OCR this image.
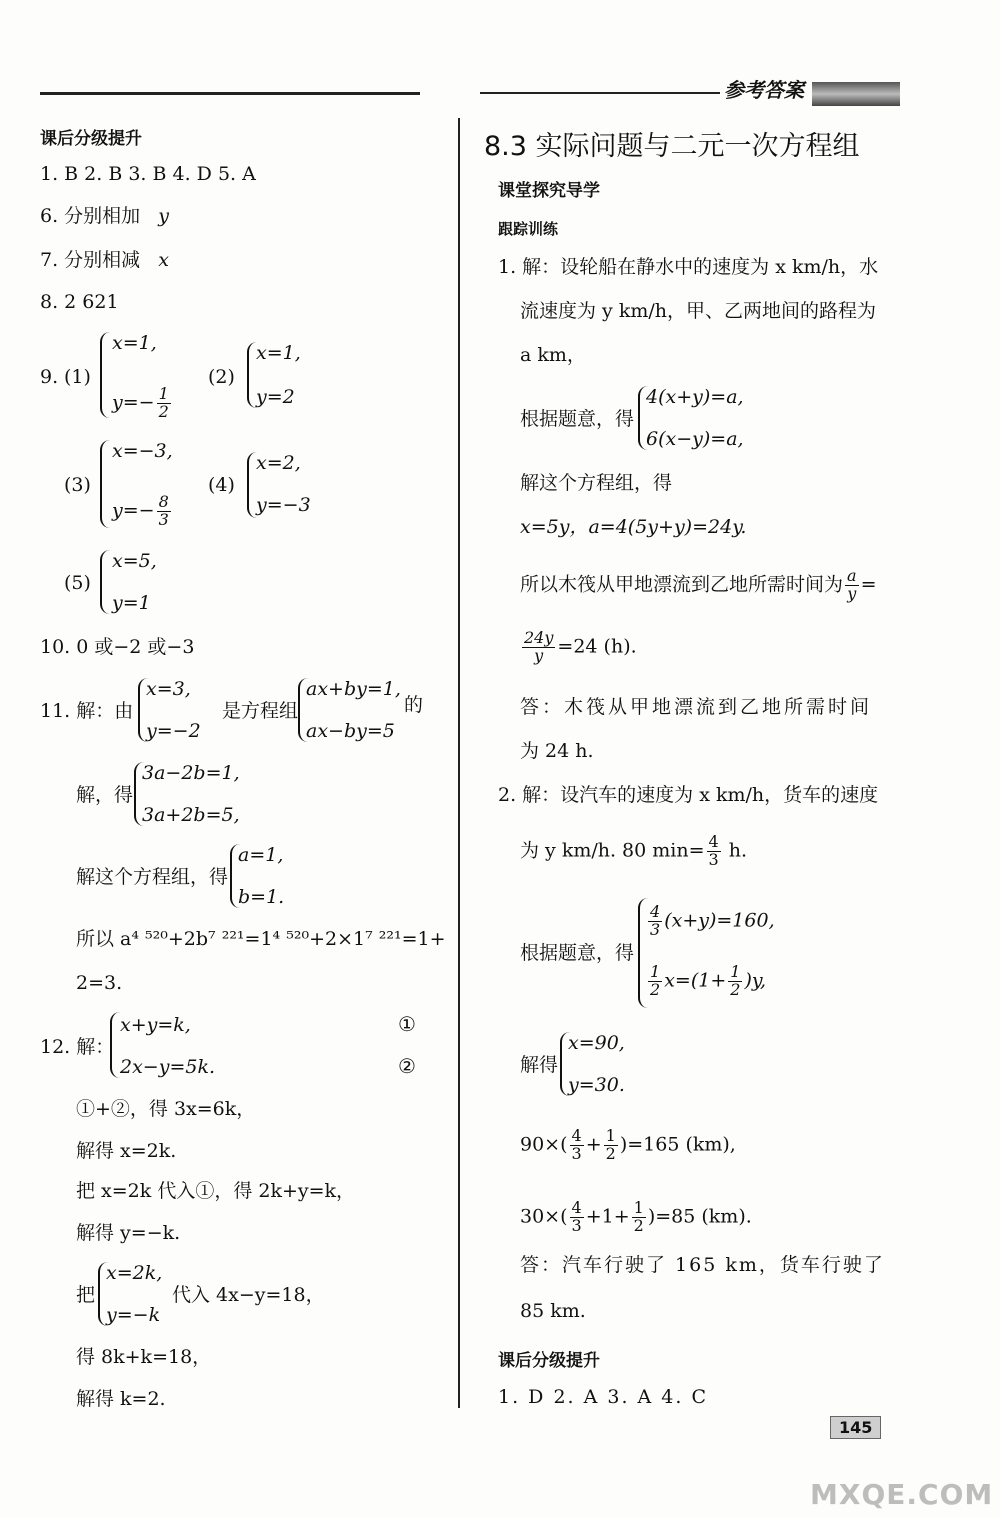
参考答案
课后分级提升
1. B 2. B 3. B 4. D 5. A
6. 分别相加 y
7. 分别相减 x
8. 2 621
9. (1)
x=1,
$y=- \frac{1}{2}$
(2)
x=1,
y=2
(3)
x=−3,
$y=- \frac{8}{3}$
(4)
x=2,
y=−3
(5)
x=5,
y=1
10. 0 或−2 或−3
11. 解：由
x=3,
y=−2
是方程组
ax+by=1,
ax−by=5
的
解，得
3a−2b=1,
3a+2b=5,
解这个方程组，得
a=1,
b=1.
所以 a⁴ ⁵²⁰+2b⁷ ²²¹=1⁴ ⁵²⁰+2×1⁷ ²²¹=1+
2=3.
12. 解：
x+y=k,
2x−y=5k.
①
②
①+②，得 3x=6k，
解得 x=2k.
把 x=2k 代入①，得 2k+y=k，
解得 y=−k.
把
x=2k,
y=−k
代入 4x−y=18，
得 8k+k=18，
解得 k=2.
8.3 实际问题与二元一次方程组
课堂探究导学
跟踪训练
1. 解：设轮船在静水中的速度为 x km/h，水
流速度为 y km/h，甲、乙两地间的路程为
a km，
根据题意，得
4(x+y)=a,
6(x−y)=a,
解这个方程组，得
x=5y，a=4(5y+y)=24y.
所以木筏从甲地漂流到乙地所需时间为 $\frac{a}{y}$ =
$\frac{24y}{y} =24$ (h).
答：木筏从甲地漂流到乙地所需时间
为 24 h.
2. 解：设汽车的速度为 x km/h，货车的速度
为 y km/h. 80 $\min= \frac{4}{3} h$.
根据题意，得
$\frac{4}{3} (x+y)=160$,
$\frac{1}{2} x=(1+ \frac{1}{2} )y$,
解得
x=90,
y=30.
$90\times( \frac{4}{3} + \frac{1}{2} )=165$ (km),
$30\times( \frac{4}{3} +1+ \frac{1}{2} )=85$ (km).
答：汽车行驶了 165 km，货车行驶了
85 km.
课后分级提升
1. D 2. A 3. A 4. C
145
MXQE.COM
